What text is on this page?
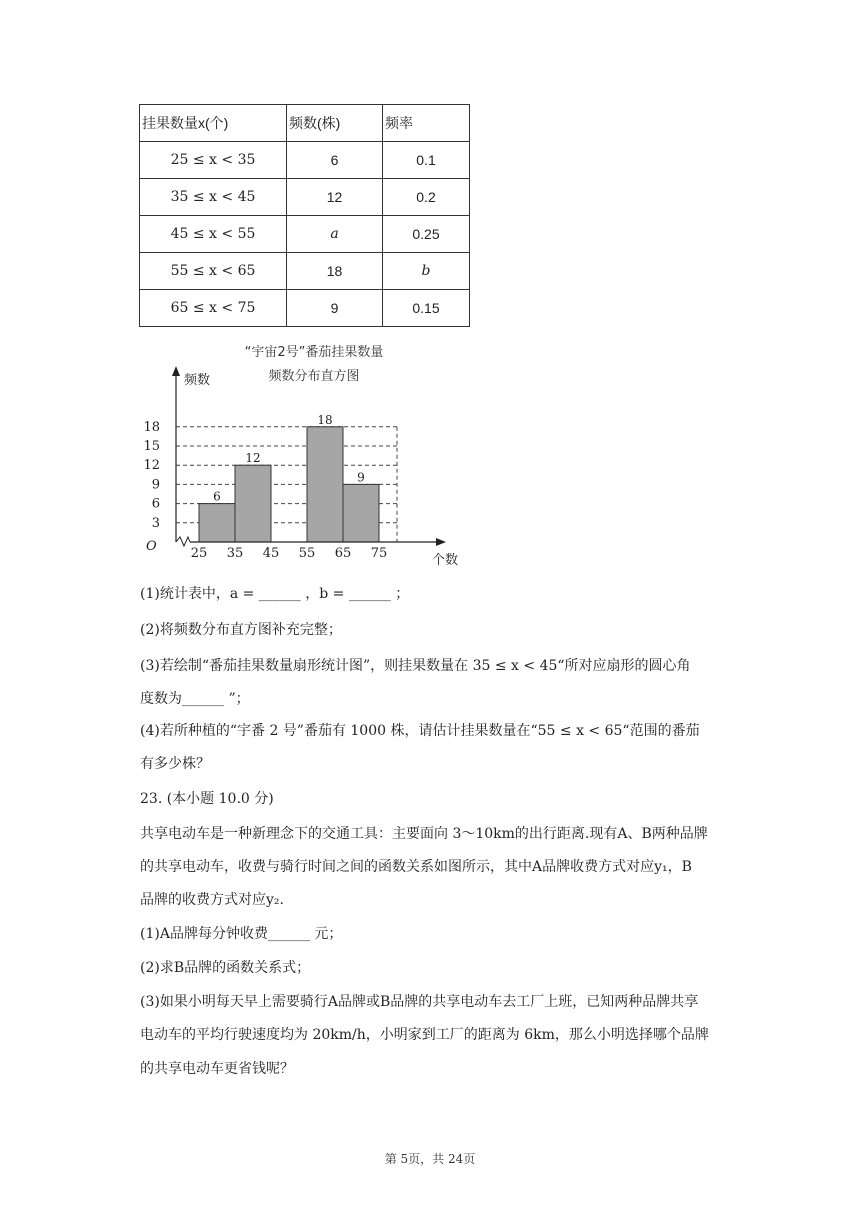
挂果数量x(个)	频数(株)	频率
25 ≤ x < 35	6	0.1
35 ≤ x < 45	12	0.2
45 ≤ x < 55	a	0.25
55 ≤ x < 65	18	b
65 ≤ x < 75	9	0.15
“宇宙2号”番茄挂果数量
频数分布直方图
6
12
18
9
3
6
9
12
15
18
25 35 45 55 65 75
O
频数
个数
(1)统计表中，a = ______ ，b = ______ ；
(2)将频数分布直方图补充完整；
(3)若绘制“番茄挂果数量扇形统计图”，则挂果数量在 35 ≤ x < 45“所对应扇形的圆心角
度数为______ ”；
(4)若所种植的“宇番 2 号”番茄有 1000 株，请估计挂果数量在“55 ≤ x < 65“范围的番茄
有多少株？
23. (本小题 10.0 分)
共享电动车是一种新理念下的交通工具：主要面向 3～10km的出行距离.现有A、B两种品牌
的共享电动车，收费与骑行时间之间的函数关系如图所示，其中A品牌收费方式对应y₁，B
品牌的收费方式对应y₂.
(1)A品牌每分钟收费______ 元；
(2)求B品牌的函数关系式；
(3)如果小明每天早上需要骑行A品牌或B品牌的共享电动车去工厂上班，已知两种品牌共享
电动车的平均行驶速度均为 20km/h，小明家到工厂的距离为 6km，那么小明选择哪个品牌
的共享电动车更省钱呢？
第 5页，共 24页
